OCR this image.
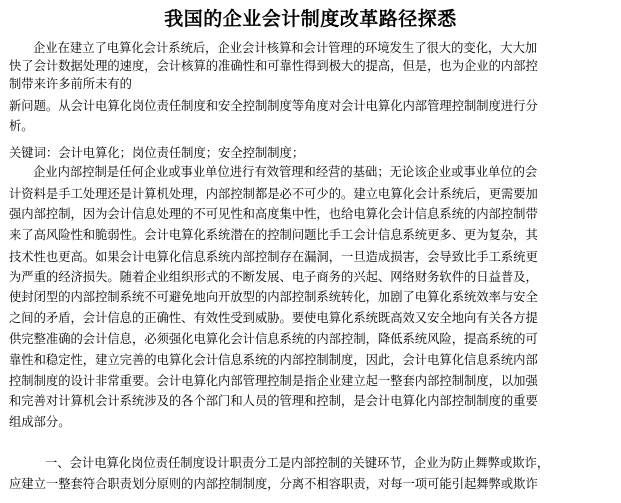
我国的企业会计制度改革路径探悉
企业在建立了电算化会计系统后，企业会计核算和会计管理的环境发生了很大的变化，大大加
快了会计数据处理的速度，会计核算的准确性和可靠性得到极大的提高，但是，也为企业的内部控
制带来许多前所未有的
新问题。从会计电算化岗位责任制度和安全控制制度等角度对会计电算化内部管理控制制度进行分
析。
关键词：会计电算化；岗位责任制度；安全控制制度；
企业内部控制是任何企业或事业单位进行有效管理和经营的基础；无论该企业或事业单位的会
计资料是手工处理还是计算机处理，内部控制都是必不可少的。建立电算化会计系统后，更需要加
强内部控制，因为会计信息处理的不可见性和高度集中性，也给电算化会计信息系统的内部控制带
来了高风险性和脆弱性。会计电算化系统潜在的控制问题比手工会计信息系统更多、更为复杂，其
技术性也更高。如果会计电算化信息系统内部控制存在漏洞，一旦造成损害，会导致比手工系统更
为严重的经济损失。随着企业组织形式的不断发展、电子商务的兴起、网络财务软件的日益普及，
使封闭型的内部控制系统不可避免地向开放型的内部控制系统转化，加剧了电算化系统效率与安全
之间的矛盾，会计信息的正确性、有效性受到威胁。要使电算化系统既高效又安全地向有关各方提
供完整准确的会计信息，必须强化电算化会计信息系统的内部控制，降低系统风险，提高系统的可
靠性和稳定性，建立完善的电算化会计信息系统的内部控制制度，因此，会计电算化信息系统内部
控制制度的设计非常重要。会计电算化内部管理控制是指企业建立起一整套内部控制制度，以加强
和完善对计算机会计系统涉及的各个部门和人员的管理和控制，是会计电算化内部控制制度的重要
组成部分。
一、会计电算化岗位责任制度设计职责分工是内部控制的关键环节，企业为防止舞弊或欺诈，
应建立一整套符合职责划分原则的内部控制制度，分离不相容职责，对每一项可能引起舞弊或欺诈
